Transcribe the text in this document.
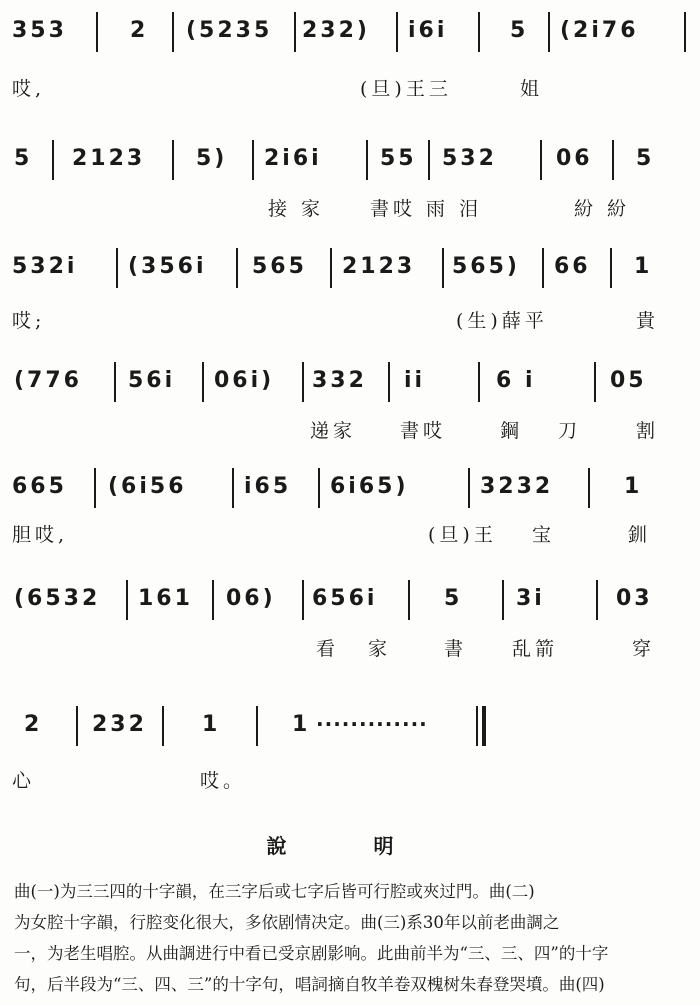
353	2 (5235 232) i6i	5 (2i76
哎,	(旦)王三	姐
5 2123 5) 2i6i	55 532	06 5
接 家 書哎 雨 泪	紛 紛
532i (356i 565 2123 565) 66 1
哎;	(生)薛平	貴
(776 56i 06i) 332 ii	6 i	05
递家 書哎	鋼 刀	割
665 (6i56	i65 6i65)	3232	1
胆哎,	(旦)王 宝	釧
(6532 161 06) 656i	5 3i	03
看 家	書 乱箭	穿
2 232	1	1 ·············
心	哎。
說 明

曲(一)为三三四的十字韻，在三字后或七字后皆可行腔或夾过門。曲(二)

为女腔十字韻，行腔变化很大，多依剧情决定。曲(三)系30年以前老曲調之

一，为老生唱腔。从曲調进行中看已受京剧影响。此曲前半为“三、三、四”的十字

句，后半段为“三、四、三”的十字句，唱詞摘自牧羊卷双槐树朱春登哭墳。曲(四)
